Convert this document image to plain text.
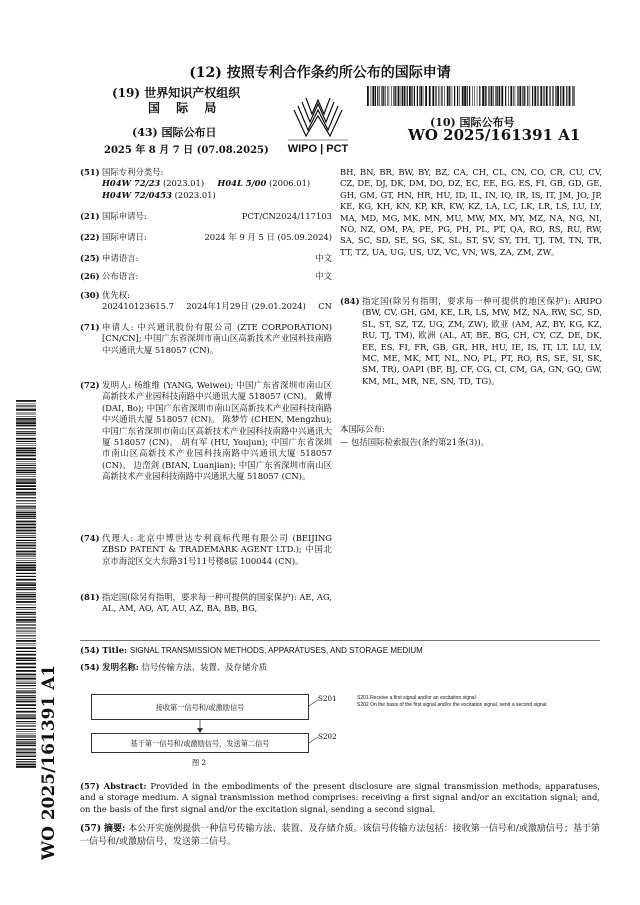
(12) 按照专利合作条约所公布的国际申请
(19) 世界知识产权组织
国 际 局
(43) 国际公布日
2025 年 8 月 7 日 (07.08.2025) WIPO | PCT
(10) 国际公布号
WO 2025/161391 A1
WO 2025/161391 A1
(51) 国际专利分类号:
H04W 72/23 (2023.01) H04L 5/00 (2006.01)
H04W 72/0453 (2023.01)
(21) 国际申请号:	PCT/CN2024/117103
(22) 国际申请日:	2024 年 9 月 5 日 (05.09.2024)
(25) 申请语言:	中文
(26) 公布语言:	中文
(30) 优先权:
202410123615.7 2024年1月29日 (29.01.2024) CN
(71) 申请人: 中兴通讯股份有限公司 (ZTE CORPORATION) [CN/CN]; 中国广东省深圳市南山区高新技术产业园科技南路中兴通讯大厦 518057 (CN)。
(72) 发明人: 杨维维 (YANG, Weiwei); 中国广东省深圳市南山区高新技术产业园科技南路中兴通讯大厦 518057 (CN)。 戴博 (DAI, Bo); 中国广东省深圳市南山区高新技术产业园科技南路中兴通讯大厦 518057 (CN)。 陈梦竹 (CHEN, Mengzhu); 中国广东省深圳市南山区高新技术产业园科技南路中兴通讯大厦 518057 (CN)。 胡有军 (HU, Youjun); 中国广东省深圳市南山区高新技术产业园科技南路中兴通讯大厦 518057 (CN)。 边峦剑 (BIAN, Luanjian); 中国广东省深圳市南山区高新技术产业园科技南路中兴通讯大厦 518057 (CN)。
(74) 代理人: 北京中博世达专利商标代理有限公司 (BEIJING ZBSD PATENT & TRADEMARK AGENT LTD.); 中国北京市海淀区交大东路31号11号楼8层 100044 (CN)。
(81) 指定国(除另有指明，要求每一种可提供的国家保护): AE, AG, AL, AM, AO, AT, AU, AZ, BA, BB, BG,
BH, BN, BR, BW, BY, BZ, CA, CH, CL, CN, CO, CR, CU, CV, CZ, DE, DJ, DK, DM, DO, DZ, EC, EE, EG, ES, FI, GB, GD, GE, GH, GM, GT, HN, HR, HU, ID, IL, IN, IQ, IR, IS, IT, JM, JO, JP, KE, KG, KH, KN, KP, KR, KW, KZ, LA, LC, LK, LR, LS, LU, LY, MA, MD, MG, MK, MN, MU, MW, MX, MY, MZ, NA, NG, NI, NO, NZ, OM, PA, PE, PG, PH, PL, PT, QA, RO, RS, RU, RW, SA, SC, SD, SE, SG, SK, SL, ST, SV, SY, TH, TJ, TM, TN, TR, TT, TZ, UA, UG, US, UZ, VC, VN, WS, ZA, ZM, ZW。
(84) 指定国(除另有指明，要求每一种可提供的地区保护): ARIPO (BW, CV, GH, GM, KE, LR, LS, MW, MZ, NA, RW, SC, SD, SL, ST, SZ, TZ, UG, ZM, ZW), 欧亚 (AM, AZ, BY, KG, KZ, RU, TJ, TM), 欧洲 (AL, AT, BE, BG, CH, CY, CZ, DE, DK, EE, ES, FI, FR, GB, GR, HR, HU, IE, IS, IT, LT, LU, LV, MC, ME, MK, MT, NL, NO, PL, PT, RO, RS, SE, SI, SK, SM, TR), OAPI (BF, BJ, CF, CG, CI, CM, GA, GN, GQ, GW, KM, ML, MR, NE, SN, TD, TG)。
本国际公布:
— 包括国际检索报告(条约第21条(3))。
(54) Title: SIGNAL TRANSMISSION METHODS, APPARATUSES, AND STORAGE MEDIUM
(54) 发明名称: 信号传输方法、装置、及存储介质
接收第一信号和/或激励信号
S201
基于第一信号和/或激励信号，发送第二信号
S202
图 2
S201 Receive a first signal and/or an excitation signal
S202 On the basis of the first signal and/or the excitation signal, send a second signal
(57) Abstract: Provided in the embodiments of the present disclosure are signal transmission methods, apparatuses, and a storage medium. A signal transmission method comprises: receiving a first signal and/or an excitation signal; and, on the basis of the first signal and/or the excitation signal, sending a second signal.
(57) 摘要: 本公开实施例提供一种信号传输方法、装置、及存储介质。该信号传输方法包括：接收第一信号和/或激励信号；基于第一信号和/或激励信号，发送第二信号。
